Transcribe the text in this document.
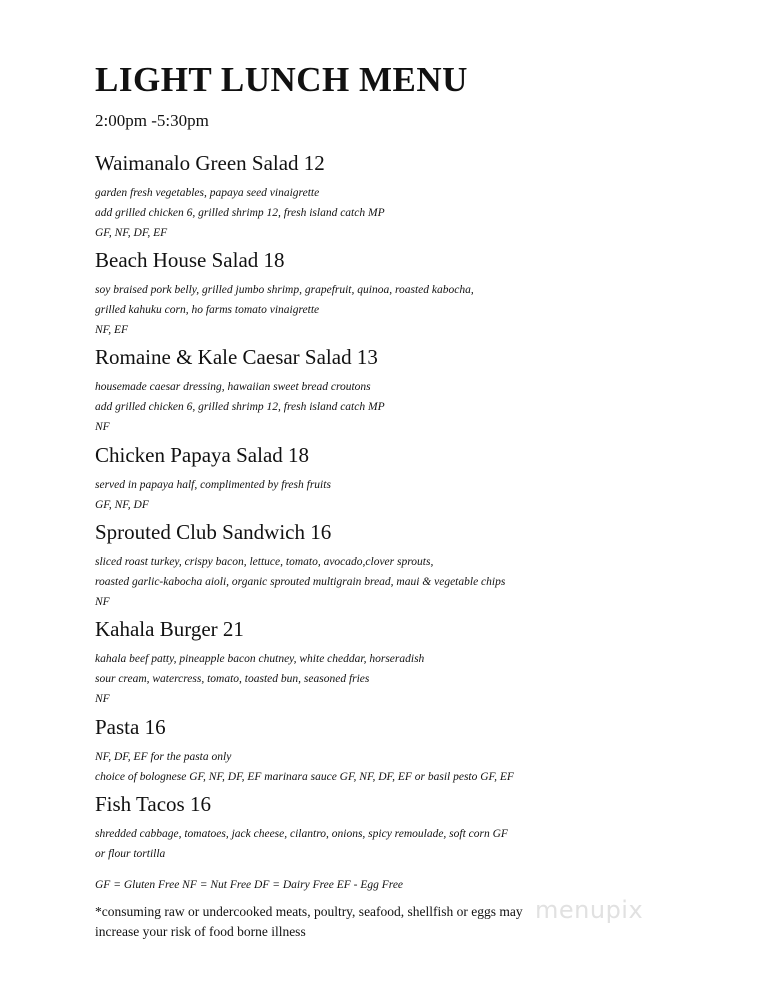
LIGHT LUNCH MENU
2:00pm -5:30pm
Waimanalo Green Salad 12

garden fresh vegetables, papaya seed vinaigrette

add grilled chicken 6, grilled shrimp 12, fresh island catch MP

GF, NF, DF, EF

Beach House Salad 18

soy braised pork belly, grilled jumbo shrimp, grapefruit, quinoa, roasted kabocha,

grilled kahuku corn, ho farms tomato vinaigrette

NF, EF

Romaine & Kale Caesar Salad 13

housemade caesar dressing, hawaiian sweet bread croutons

add grilled chicken 6, grilled shrimp 12, fresh island catch MP

NF

Chicken Papaya Salad 18

served in papaya half, complimented by fresh fruits

GF, NF, DF

Sprouted Club Sandwich 16

sliced roast turkey, crispy bacon, lettuce, tomato, avocado,clover sprouts,

roasted garlic-kabocha aioli, organic sprouted multigrain bread, maui & vegetable chips

NF

Kahala Burger 21

kahala beef patty, pineapple bacon chutney, white cheddar, horseradish

sour cream, watercress, tomato, toasted bun, seasoned fries

NF

Pasta 16

NF, DF, EF for the pasta only

choice of bolognese GF, NF, DF, EF marinara sauce GF, NF, DF, EF or basil pesto GF, EF

Fish Tacos 16

shredded cabbage, tomatoes, jack cheese, cilantro, onions, spicy remoulade, soft corn GF

or flour tortilla

GF = Gluten Free NF = Nut Free DF = Dairy Free EF - Egg Free
*consuming raw or undercooked meats, poultry, seafood, shellfish or eggs may increase your risk of food borne illness
menupix
